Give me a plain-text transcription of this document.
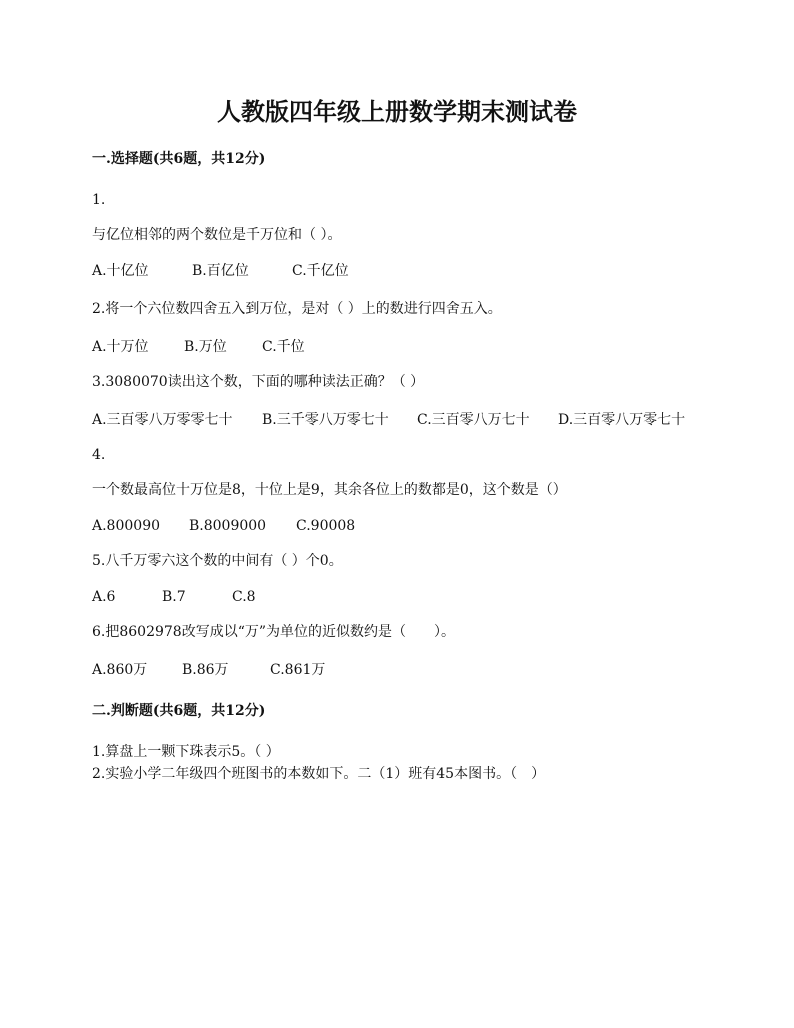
人教版四年级上册数学期末测试卷
一.选择题(共6题，共12分)
1.
与亿位相邻的两个数位是千万位和（ ）。
A.十亿位	B.百亿位	C.千亿位
2.将一个六位数四舍五入到万位，是对（ ）上的数进行四舍五入。
A.十万位	B.万位	C.千位
3.3080070读出这个数，下面的哪种读法正确？（ ）
A.三百零八万零零七十 B.三千零八万零七十 C.三百零八万七十 D.三百零八万零七十
4.
一个数最高位十万位是8，十位上是9，其余各位上的数都是0，这个数是（）
A.800090 B.8009000 C.90008
5.八千万零六这个数的中间有（ ）个0。
A.6	B.7	C.8
6.把8602978改写成以“万”为单位的近似数约是（　　）。
A.860万 B.86万	C.861万
二.判断题(共6题，共12分)
1.算盘上一颗下珠表示5。（ ）
2.实验小学二年级四个班图书的本数如下。二（1）班有45本图书。（　）
